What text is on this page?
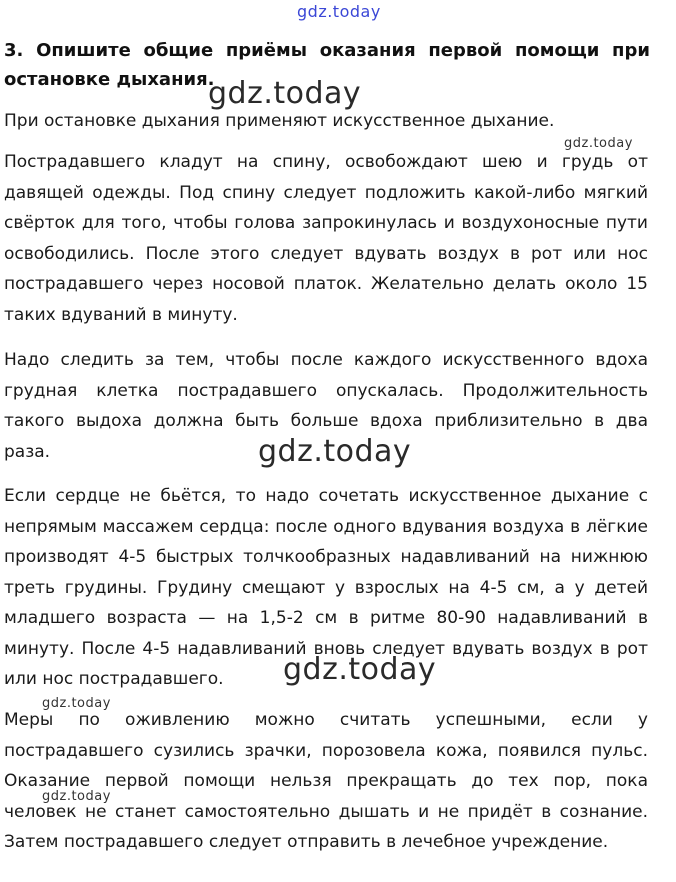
gdz.today
3. Опишите общие приёмы оказания первой помощи при остановке дыхания.

При остановке дыхания применяют искусственное дыхание.

Пострадавшего кладут на спину, освобождают шею и грудь от давящей одежды. Под спину следует подложить какой-либо мягкий свёрток для того, чтобы голова запрокинулась и воздухоносные пути освободились. После этого следует вдувать воздух в рот или нос пострадавшего через носовой платок. Желательно делать около 15 таких вдуваний в минуту.

Надо следить за тем, чтобы после каждого искусственного вдоха грудная клетка пострадавшего опускалась. Продолжительность такого выдоха должна быть больше вдоха приблизительно в два раза.

Если сердце не бьётся, то надо сочетать искусственное дыхание с непрямым массажем сердца: после одного вдувания воздуха в лёгкие производят 4-5 быстрых толчкообразных надавливаний на нижнюю треть грудины. Грудину смещают у взрослых на 4-5 см, а у детей младшего возраста — на 1,5-2 см в ритме 80-90 надавливаний в минуту. После 4-5 надавливаний вновь следует вдувать воздух в рот или нос пострадавшего.

Меры по оживлению можно считать успешными, если у пострадавшего сузились зрачки, порозовела кожа, появился пульс. Оказание первой помощи нельзя прекращать до тех пор, пока человек не станет самостоятельно дышать и не придёт в сознание. Затем пострадавшего следует отправить в лечебное учреждение.

gdz.today
gdz.today
gdz.today
gdz.today
gdz.today
gdz.today
